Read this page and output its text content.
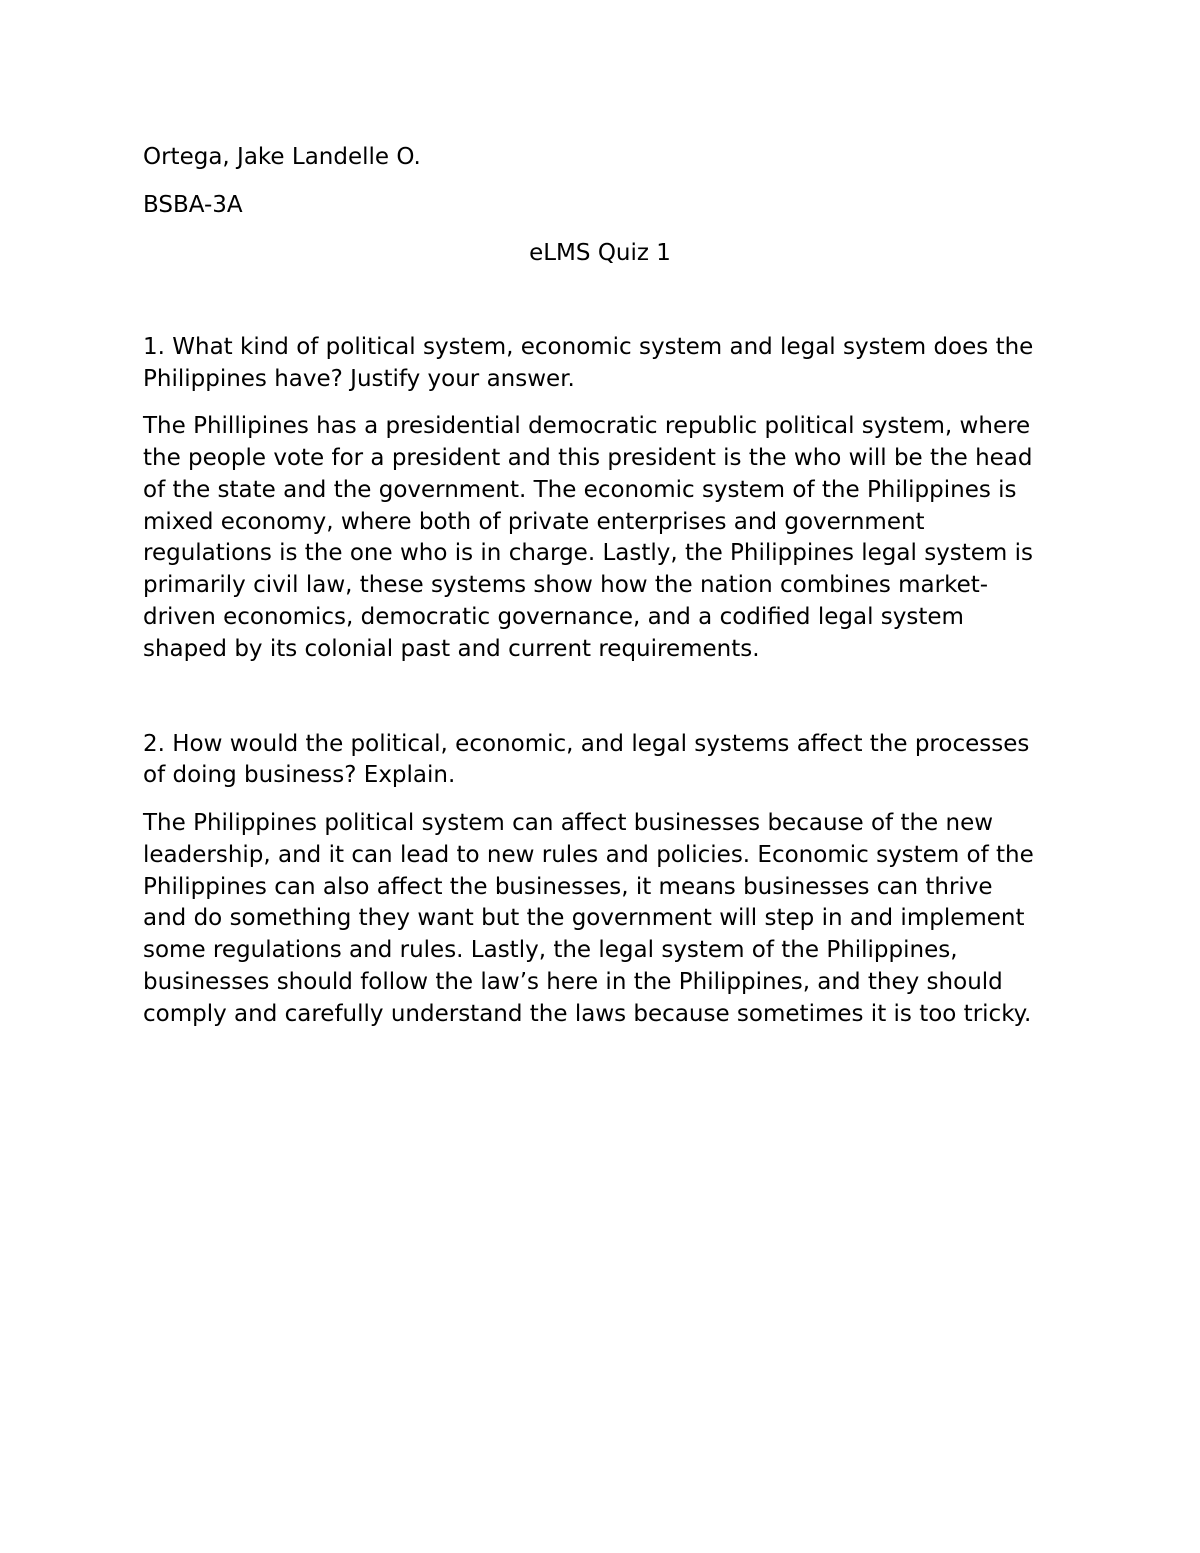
Ortega, Jake Landelle O.
BSBA-3A
eLMS Quiz 1
1. What kind of political system, economic system and legal system does the
Philippines have? Justify your answer.
The Phillipines has a presidential democratic republic political system, where
the people vote for a president and this president is the who will be the head
of the state and the government. The economic system of the Philippines is
mixed economy, where both of private enterprises and government
regulations is the one who is in charge. Lastly, the Philippines legal system is
primarily civil law, these systems show how the nation combines market-
driven economics, democratic governance, and a codified legal system
shaped by its colonial past and current requirements.
2. How would the political, economic, and legal systems affect the processes
of doing business? Explain.
The Philippines political system can affect businesses because of the new
leadership, and it can lead to new rules and policies. Economic system of the
Philippines can also affect the businesses, it means businesses can thrive
and do something they want but the government will step in and implement
some regulations and rules. Lastly, the legal system of the Philippines,
businesses should follow the law’s here in the Philippines, and they should
comply and carefully understand the laws because sometimes it is too tricky.
